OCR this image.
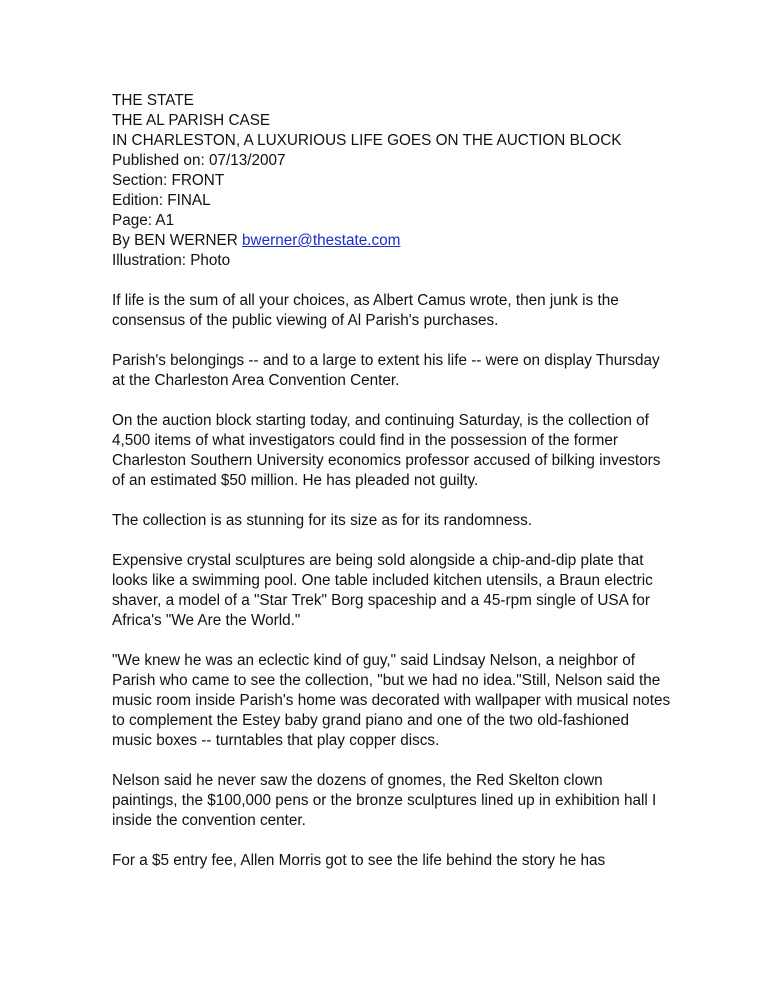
THE STATE
THE AL PARISH CASE
IN CHARLESTON, A LUXURIOUS LIFE GOES ON THE AUCTION BLOCK
Published on: 07/13/2007
Section: FRONT
Edition: FINAL
Page: A1
By BEN WERNER bwerner@thestate.com
Illustration: Photo

If life is the sum of all your choices, as Albert Camus wrote, then junk is the consensus of the public viewing of Al Parish's purchases.

Parish's belongings -- and to a large to extent his life -- were on display Thursday at the Charleston Area Convention Center.

On the auction block starting today, and continuing Saturday, is the collection of 4,500 items of what investigators could find in the possession of the former Charleston Southern University economics professor accused of bilking investors of an estimated $50 million. He has pleaded not guilty.

The collection is as stunning for its size as for its randomness.

Expensive crystal sculptures are being sold alongside a chip-and-dip plate that looks like a swimming pool. One table included kitchen utensils, a Braun electric shaver, a model of a "Star Trek" Borg spaceship and a 45-rpm single of USA for Africa's "We Are the World."

"We knew he was an eclectic kind of guy," said Lindsay Nelson, a neighbor of Parish who came to see the collection, "but we had no idea."Still, Nelson said the music room inside Parish's home was decorated with wallpaper with musical notes to complement the Estey baby grand piano and one of the two old-fashioned music boxes -- turntables that play copper discs.

Nelson said he never saw the dozens of gnomes, the Red Skelton clown paintings, the $100,000 pens or the bronze sculptures lined up in exhibition hall I inside the convention center.

For a $5 entry fee, Allen Morris got to see the life behind the story he has
